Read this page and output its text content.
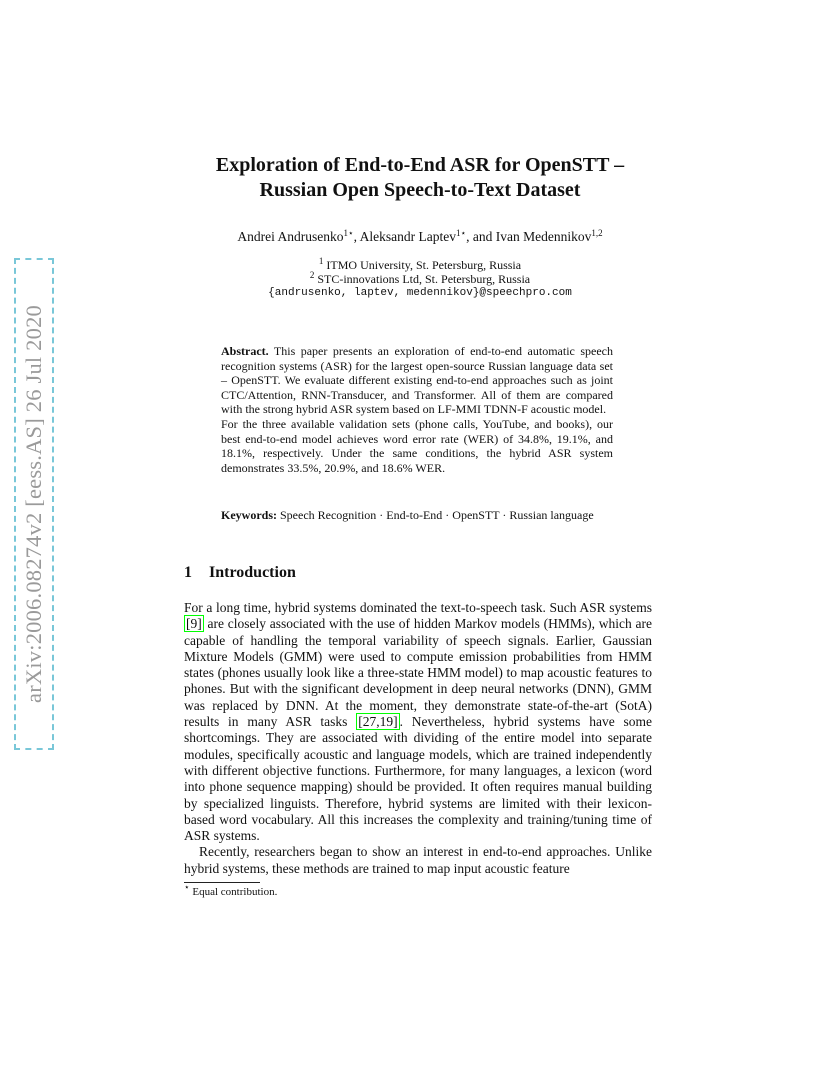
arXiv:2006.08274v2 [eess.AS] 26 Jul 2020
Exploration of End-to-End ASR for OpenSTT –
Russian Open Speech-to-Text Dataset
Andrei Andrusenko$^{1⋆}$, Aleksandr Laptev$^{1⋆}$, and Ivan Medennikov$^{1,2}$
$^1$ ITMO University, St. Petersburg, Russia
$^2$ STC-innovations Ltd, St. Petersburg, Russia
{andrusenko, laptev, medennikov}@speechpro.com

Abstract. This paper presents an exploration of end-to-end automatic speech recognition systems (ASR) for the largest open-source Russian language data set – OpenSTT. We evaluate different existing end-to-end approaches such as joint CTC/Attention, RNN-Transducer, and Transformer. All of them are compared with the strong hybrid ASR system based on LF-MMI TDNN-F acoustic model.

For the three available validation sets (phone calls, YouTube, and books), our best end-to-end model achieves word error rate (WER) of 34.8%, 19.1%, and 18.1%, respectively. Under the same conditions, the hybrid ASR system demonstrates 33.5%, 20.9%, and 18.6% WER.

Keywords: Speech Recognition · End-to-End · OpenSTT · Russian language

1 Introduction

For a long time, hybrid systems dominated the text-to-speech task. Such ASR systems [9] are closely associated with the use of hidden Markov models (HMMs), which are capable of handling the temporal variability of speech signals. Earlier, Gaussian Mixture Models (GMM) were used to compute emission probabilities from HMM states (phones usually look like a three-state HMM model) to map acoustic features to phones. But with the significant development in deep neural networks (DNN), GMM was replaced by DNN. At the moment, they demonstrate state-of-the-art (SotA) results in many ASR tasks [27,19] . Nevertheless, hybrid systems have some shortcomings. They are associated with dividing of the entire model into separate modules, specifically acoustic and language models, which are trained independently with different objective functions. Furthermore, for many languages, a lexicon (word into phone sequence mapping) should be provided. It often requires manual building by specialized linguists. Therefore, hybrid systems are limited with their lexicon-based word vocabulary. All this increases the complexity and training/tuning time of ASR systems.

Recently, researchers began to show an interest in end-to-end approaches. Unlike hybrid systems, these methods are trained to map input acoustic feature

⋆ Equal contribution.
